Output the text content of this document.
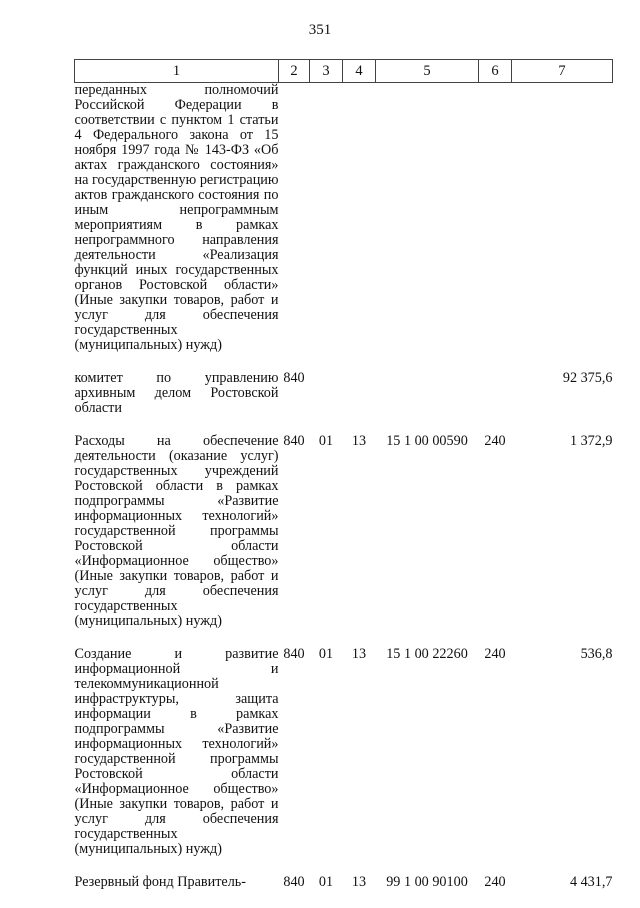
351
1	2	3	4	5	6	7
переданных полномочий Российской Федерации в соответствии с пунктом 1 статьи 4 Федерального закона от 15 ноября 1997 года № 143-ФЗ «Об актах гражданского состояния» на государственную регистрацию актов гражданского состояния по иным непрограммным мероприятиям в рамках непрограммного направления деятельности «Реализация функций иных государственных органов Ростовской области» (Иные закупки товаров, работ и услуг для обеспечения государственных (муниципальных) нужд)						
комитет по управлению архивным делом Ростовской области	840					92 375,6
Расходы на обеспечение деятельности (оказание услуг) государственных учреждений Ростовской области в рамках подпрограммы «Развитие информационных технологий» государственной программы Ростовской области «Информационное общество» (Иные закупки товаров, работ и услуг для обеспечения государственных (муниципальных) нужд)	840	01	13	15 1 00 00590	240	1 372,9
Создание и развитие информационной и телекоммуникационной инфраструктуры, защита информации в рамках подпрограммы «Развитие информационных технологий» государственной программы Ростовской области «Информационное общество» (Иные закупки товаров, работ и услуг для обеспечения государственных (муниципальных) нужд)	840	01	13	15 1 00 22260	240	536,8
Резервный фонд Правитель-	840	01	13	99 1 00 90100	240	4 431,7
